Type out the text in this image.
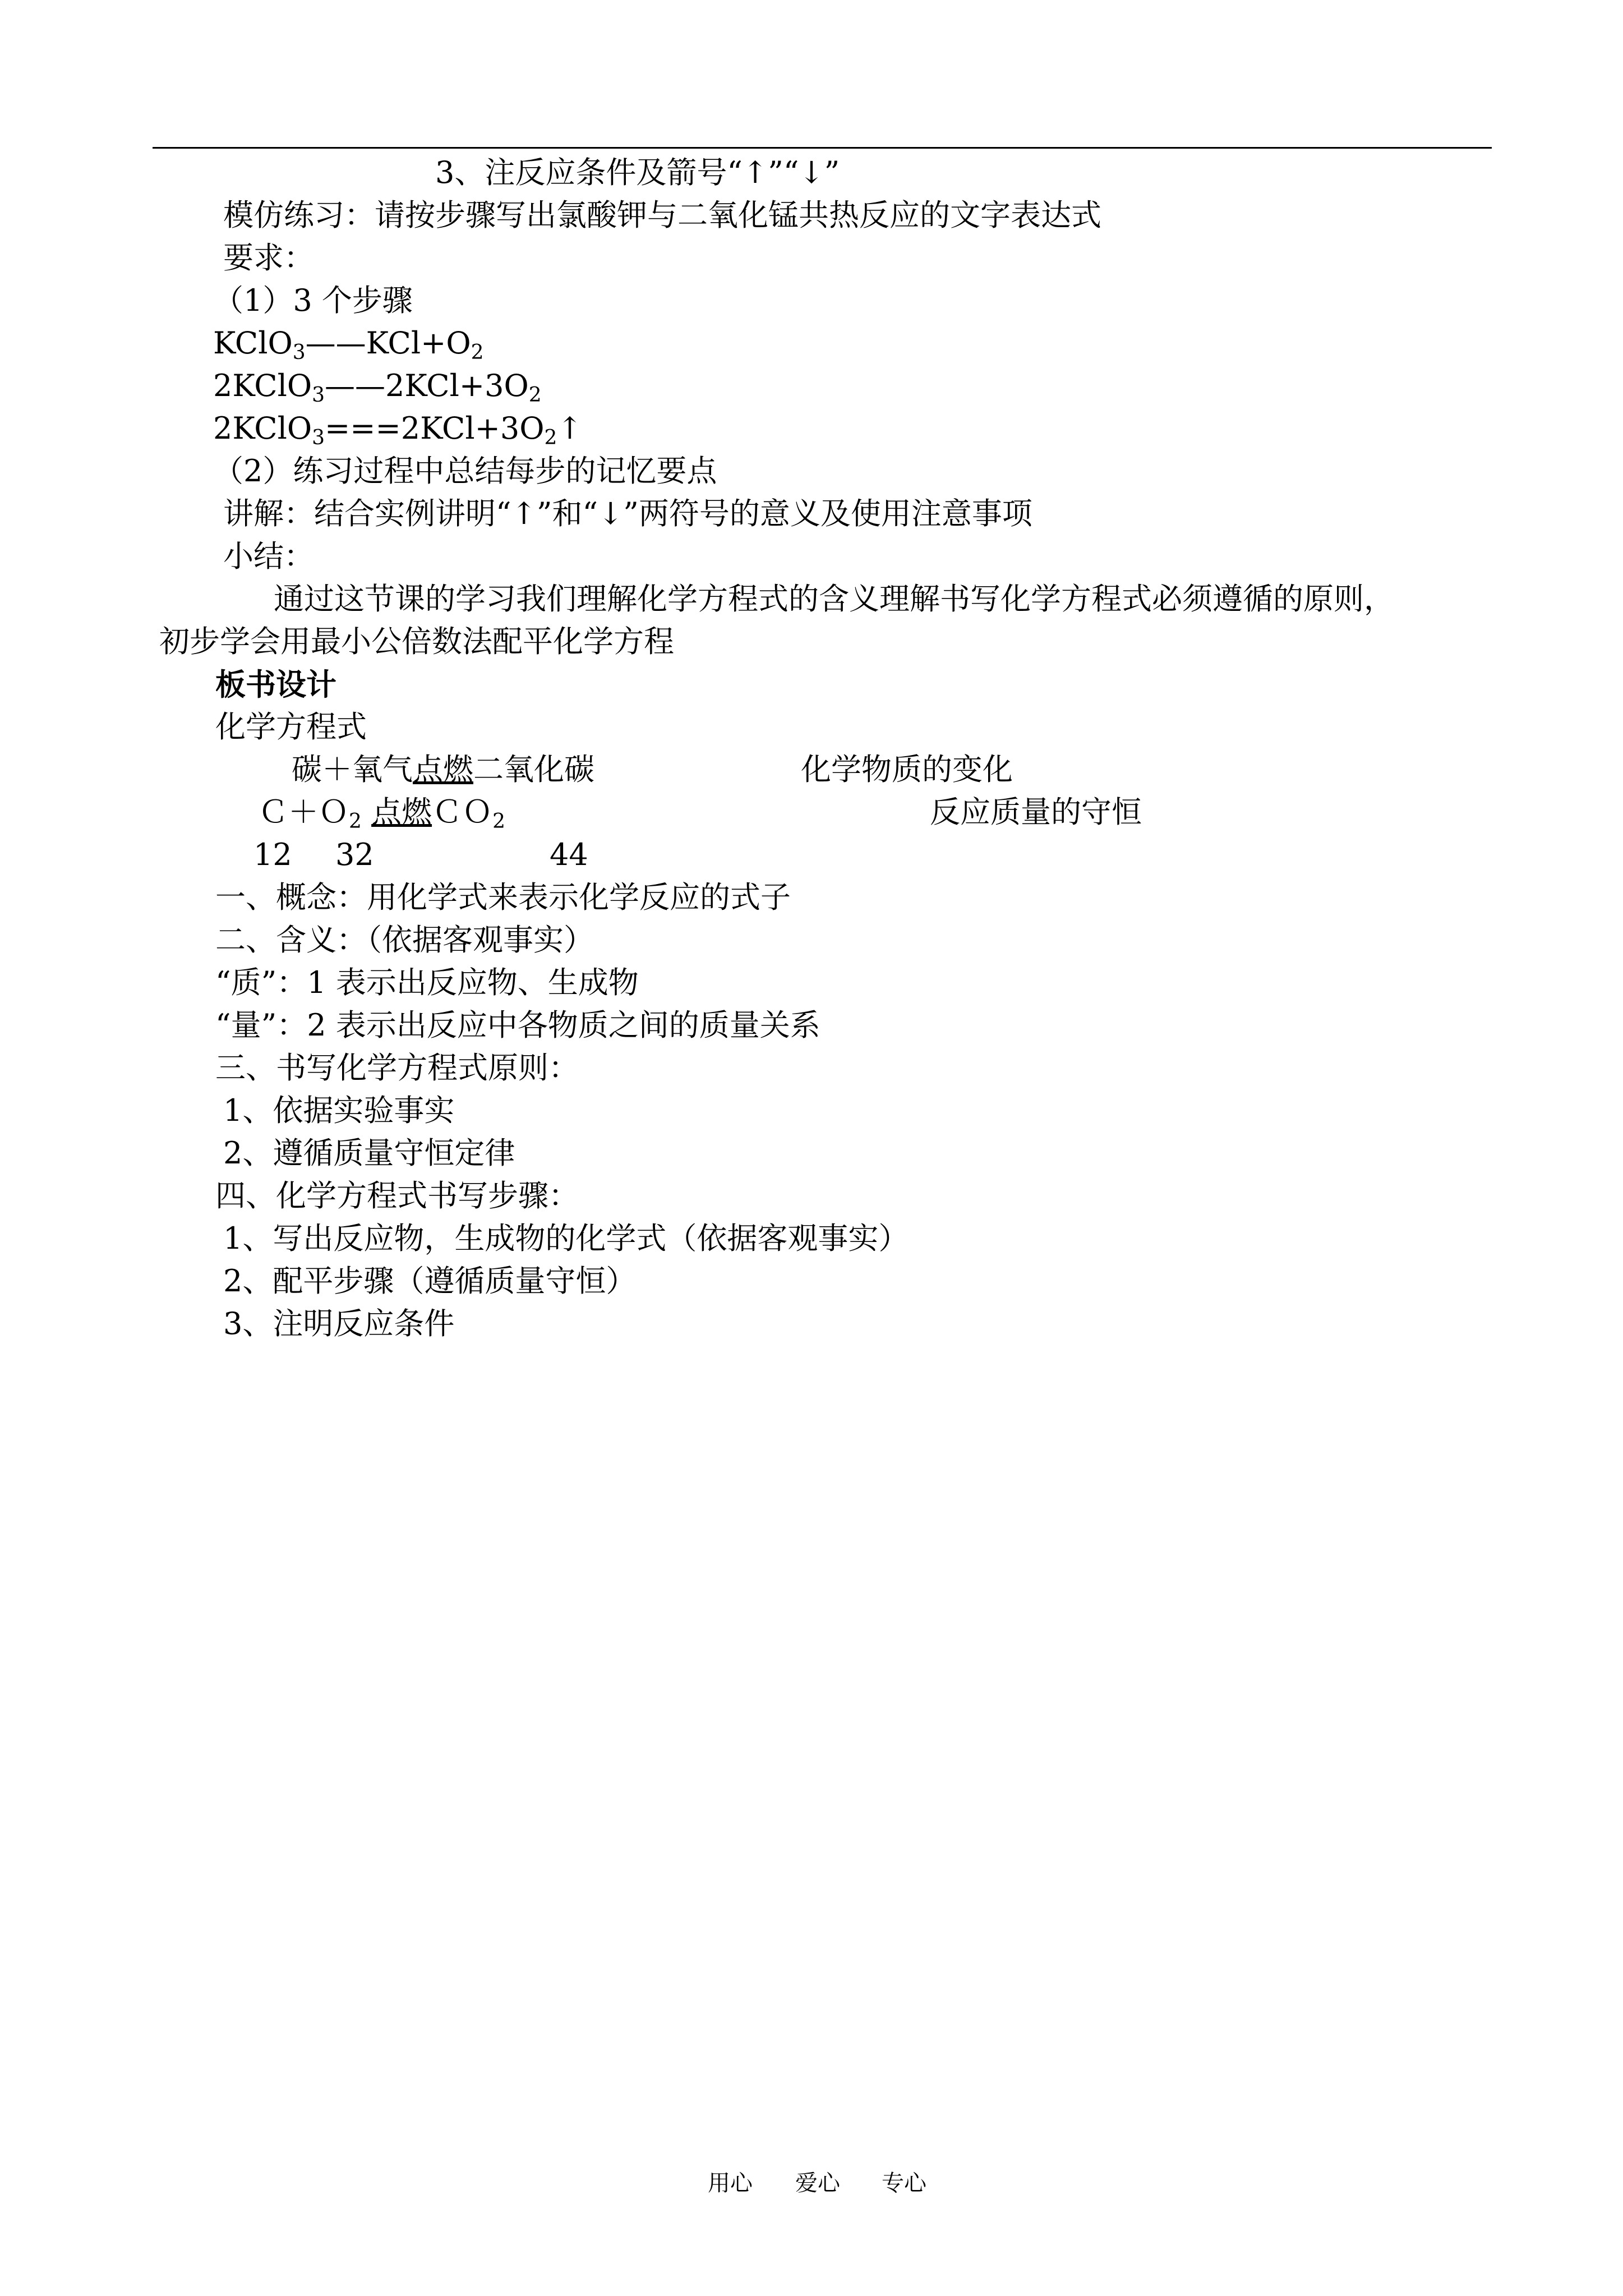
3、注反应条件及箭号“↑”“↓”
模仿练习：请按步骤写出氯酸钾与二氧化锰共热反应的文字表达式
要求：
（1）3 个步骤
$KClO_3——KCl+O_2$
$2KClO_3——2KCl+3O_2$
$2KClO_3===2KCl+3O_2↑$
（2）练习过程中总结每步的记忆要点
讲解：结合实例讲明“↑”和“↓”两符号的意义及使用注意事项
小结：
通过这节课的学习我们理解化学方程式的含义理解书写化学方程式必须遵循的原则，
初步学会用最小公倍数法配平化学方程
板书设计
化学方程式
碳＋氧气点燃二氧化碳	化学物质的变化
Ｃ＋Ｏ$_2$ 点燃ＣＯ$_2$	反应质量的守恒
12 32	44
一、概念：用化学式来表示化学反应的式子
二、含义：（依据客观事实）
“质”：1 表示出反应物、生成物
“量”：2 表示出反应中各物质之间的质量关系
三、书写化学方程式原则：
1、依据实验事实
2、遵循质量守恒定律
四、化学方程式书写步骤：
1、写出反应物，生成物的化学式（依据客观事实）
2、配平步骤（遵循质量守恒）
3、注明反应条件
用心 爱心 专心
